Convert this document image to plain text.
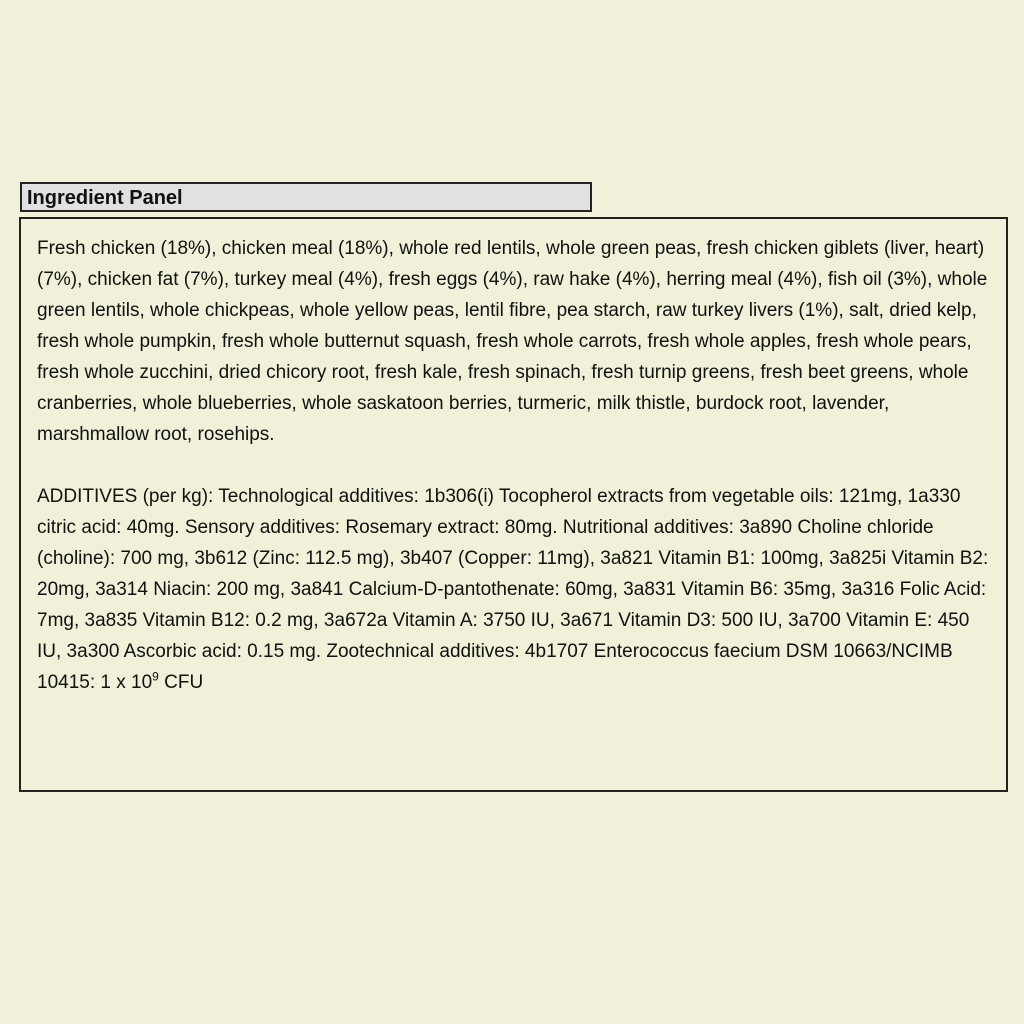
Ingredient Panel

Fresh chicken (18%), chicken meal (18%), whole red lentils, whole green peas, fresh chicken giblets (liver, heart) (7%), chicken fat (7%), turkey meal (4%), fresh eggs (4%), raw hake (4%), herring meal (4%), fish oil (3%), whole green lentils, whole chickpeas, whole yellow peas, lentil fibre, pea starch, raw turkey livers (1%), salt, dried kelp, fresh whole pumpkin, fresh whole butternut squash, fresh whole carrots, fresh whole apples, fresh whole pears, fresh whole zucchini, dried chicory root, fresh kale, fresh spinach, fresh turnip greens, fresh beet greens, whole cranberries, whole blueberries, whole saskatoon berries, turmeric, milk thistle, burdock root, lavender, marshmallow root, rosehips.

ADDITIVES (per kg): Technological additives: 1b306(i) Tocopherol extracts from vegetable oils: 121mg, 1a330 citric acid: 40mg. Sensory additives: Rosemary extract: 80mg. Nutritional additives: 3a890 Choline chloride (choline): 700 mg, 3b612 (Zinc: 112.5 mg), 3b407 (Copper: 11mg), 3a821 Vitamin B1: 100mg, 3a825i Vitamin B2: 20mg, 3a314 Niacin: 200 mg, 3a841 Calcium-D-pantothenate: 60mg, 3a831 Vitamin B6: 35mg, 3a316 Folic Acid: 7mg, 3a835 Vitamin B12: 0.2 mg, 3a672a Vitamin A: 3750 IU, 3a671 Vitamin D3: 500 IU, 3a700 Vitamin E: 450 IU, 3a300 Ascorbic acid: 0.15 mg. Zootechnical additives: 4b1707 Enterococcus faecium DSM 10663/NCIMB 10415: 1 x $10^9$ CFU
